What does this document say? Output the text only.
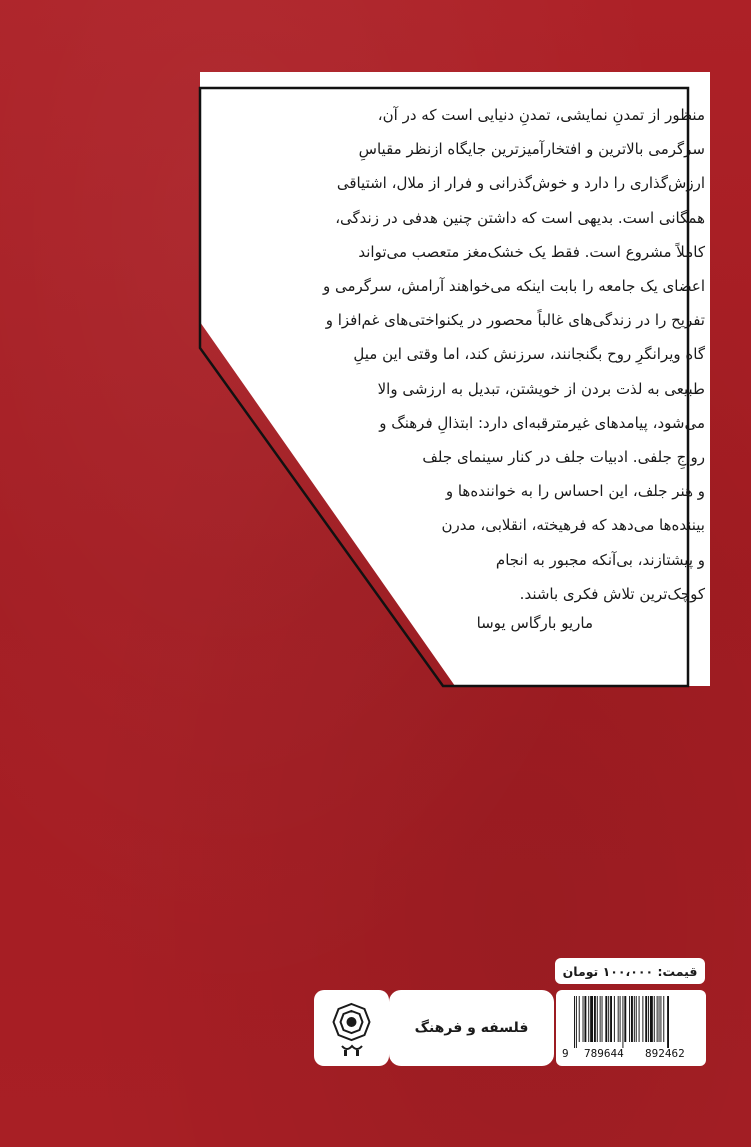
منظور از تمدنِ نمایشی، تمدنِ دنیایی است که در آن،
سرگرمی بالاترین و افتخارآمیزترین جایگاه ازنظر مقیاسِ
ارزش‌گذاری را دارد و خوش‌گذرانی و فرار از ملال، اشتیاقی
همگانی است. بدیهی است که داشتن چنین هدفی در زندگی،
کاملاً مشروع است. فقط یک خشک‌مغز متعصب می‌تواند
اعضای یک جامعه را بابت اینکه می‌خواهند آرامش، سرگرمی و
تفریح را در زندگی‌های غالباً محصور در یکنواختی‌های غم‌افزا و
گاه ویرانگرِ روح بگنجانند، سرزنش کند، اما وقتی این میلِ
طبیعی به لذت بردن از خویشتن، تبدیل به ارزشی والا
می‌شود، پیامدهای غیرمترقبه‌ای دارد: ابتذالِ فرهنگ و
رواجِ جلفی. ادبیات جلف در کنار سینمای جلف
و هنر جلف، این احساس را به خواننده‌ها و
بیننده‌ها می‌دهد که فرهیخته، انقلابی، مدرن
و پیشتازند، بی‌آنکه مجبور به انجام
کوچک‌ترین تلاش فکری باشند.
ماریو بارگاس یوسا
قیمت: ۱۰۰،۰۰۰ تومان
فلسفه و فرهنگ
9 789644 892462
